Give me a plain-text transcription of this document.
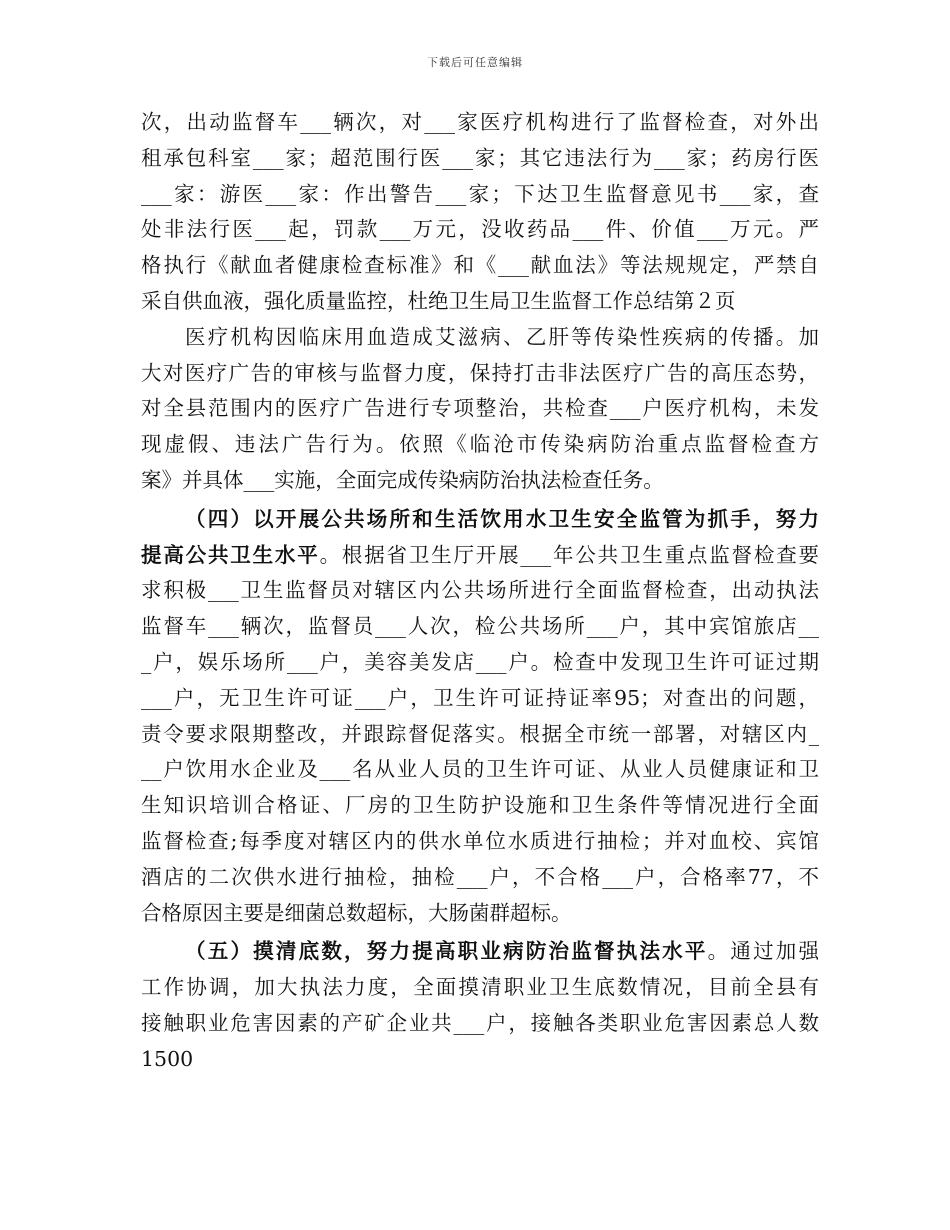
下载后可任意编辑
次，出动监督车___辆次，对___家医疗机构进行了监督检查，对外出
租承包科室___家；超范围行医___家；其它违法行为___家；药房行医
___家：游医___家：作出警告___家；下达卫生监督意见书___家，查
处非法行医___起，罚款___万元，没收药品___件、价值___万元。严
格执行《献血者健康检查标准》和《___献血法》等法规规定，严禁自
采自供血液，强化质量监控，杜绝卫生局卫生监督工作总结第２页
医疗机构因临床用血造成艾滋病、乙肝等传染性疾病的传播。加
大对医疗广告的审核与监督力度，保持打击非法医疗广告的高压态势，
对全县范围内的医疗广告进行专项整治，共检查___户医疗机构，未发
现虚假、违法广告行为。依照《临沧市传染病防治重点监督检查方
案》并具体___实施，全面完成传染病防治执法检查任务。
（四）以开展公共场所和生活饮用水卫生安全监管为抓手，努力
提高公共卫生水平。根据省卫生厅开展___年公共卫生重点监督检查要
求积极___卫生监督员对辖区内公共场所进行全面监督检查，出动执法
监督车___辆次，监督员___人次，检公共场所___户，其中宾馆旅店__
_户，娱乐场所___户，美容美发店___户。检查中发现卫生许可证过期
___户，无卫生许可证___户，卫生许可证持证率95；对查出的问题，
责令要求限期整改，并跟踪督促落实。根据全市统一部署，对辖区内_
__户饮用水企业及___名从业人员的卫生许可证、从业人员健康证和卫
生知识培训合格证、厂房的卫生防护设施和卫生条件等情况进行全面
监督检查;每季度对辖区内的供水单位水质进行抽检；并对血校、宾馆
酒店的二次供水进行抽检，抽检___户，不合格___户，合格率77，不
合格原因主要是细菌总数超标，大肠菌群超标。
（五）摸清底数，努力提高职业病防治监督执法水平。通过加强
工作协调，加大执法力度，全面摸清职业卫生底数情况，目前全县有
接触职业危害因素的产矿企业共___户，接触各类职业危害因素总人数
1500
